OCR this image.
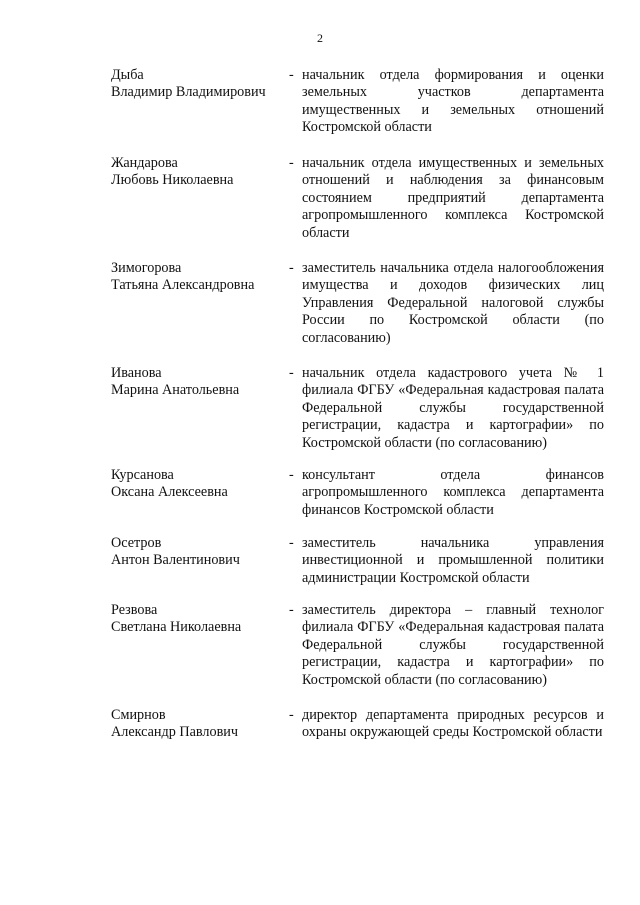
2
Дыба
Владимир Владимирович
- начальник отдела формирования и оценки земельных участков департамента имущественных и земельных отношений Костромской области
Жандарова
Любовь Николаевна
- начальник отдела имущественных и земельных отношений и наблюдения за финансовым состоянием предприятий департамента агропромышленного комплекса Костромской области
Зимогорова
Татьяна Александровна
- заместитель начальника отдела налогообложения имущества и доходов физических лиц Управления Федеральной налоговой службы России по Костромской области (по согласованию)
Иванова
Марина Анатольевна
- начальник отдела кадастрового учета № 1 филиала ФГБУ «Федеральная кадастровая палата Федеральной службы государственной регистрации, кадастра и картографии» по Костромской области (по согласованию)
Курсанова
Оксана Алексеевна
- консультант отдела финансов агропромышленного комплекса департамента финансов Костромской области
Осетров
Антон Валентинович
- заместитель начальника управления инвестиционной и промышленной политики администрации Костромской области
Резвова
Светлана Николаевна
- заместитель директора – главный технолог филиала ФГБУ «Федеральная кадастровая палата Федеральной службы государственной регистрации, кадастра и картографии» по Костромской области (по согласованию)
Смирнов
Александр Павлович
- директор департамента природных ресурсов и охраны окружающей среды Костромской области
